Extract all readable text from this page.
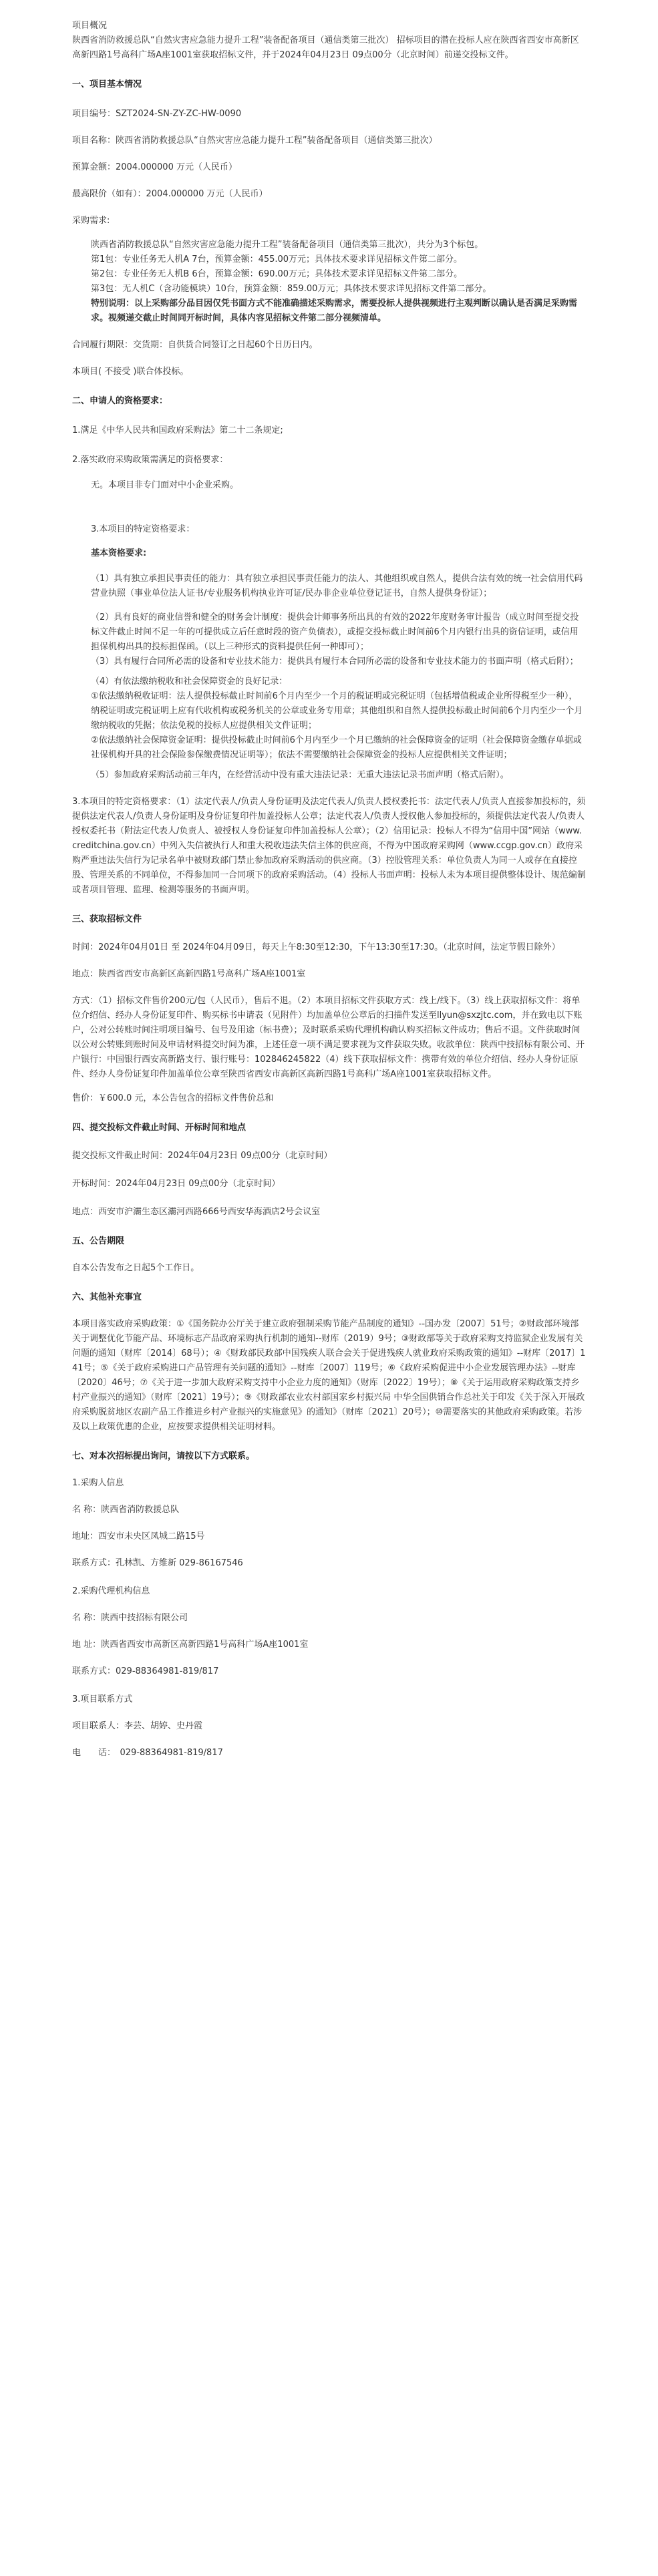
项目概况

陕西省消防救援总队“自然灾害应急能力提升工程”装备配备项目（通信类第三批次） 招标项目的潜在投标人应在陕西省西安市高新区高新四路1号高科广场A座1001室获取招标文件，并于2024年04月23日 09点00分（北京时间）前递交投标文件。

一、项目基本情况

项目编号：SZT2024-SN-ZY-ZC-HW-0090

项目名称：陕西省消防救援总队“自然灾害应急能力提升工程”装备配备项目（通信类第三批次）

预算金额：2004.000000 万元（人民币）

最高限价（如有）：2004.000000 万元（人民币）

采购需求:

陕西省消防救援总队“自然灾害应急能力提升工程”装备配备项目（通信类第三批次），共分为3个标包。

第1包：专业任务无人机A 7台，预算金额：455.00万元；具体技术要求详见招标文件第二部分。

第2包：专业任务无人机B 6台，预算金额：690.00万元；具体技术要求详见招标文件第二部分。

第3包：无人机C（含功能模块）10台，预算金额：859.00万元；具体技术要求详见招标文件第二部分。

特别说明：以上采购部分品目因仅凭书面方式不能准确描述采购需求，需要投标人提供视频进行主观判断以确认是否满足采购需求。视频递交截止时间同开标时间，具体内容见招标文件第二部分视频清单。

合同履行期限：交货期：自供货合同签订之日起60个日历日内。

本项目( 不接受 )联合体投标。

二、申请人的资格要求：

1.满足《中华人民共和国政府采购法》第二十二条规定;

2.落实政府采购政策需满足的资格要求：

无。本项目非专门面对中小企业采购。

3.本项目的特定资格要求：

基本资格要求:

（1）具有独立承担民事责任的能力：具有独立承担民事责任能力的法人、其他组织或自然人，提供合法有效的统一社会信用代码营业执照（事业单位法人证书/专业服务机构执业许可证/民办非企业单位登记证书，自然人提供身份证）；

（2）具有良好的商业信誉和健全的财务会计制度：提供会计师事务所出具的有效的2022年度财务审计报告（成立时间至提交投标文件截止时间不足一年的可提供成立后任意时段的资产负债表），或提交投标截止时间前6个月内银行出具的资信证明，或信用担保机构出具的投标担保函。（以上三种形式的资料提供任何一种即可）；

（3）具有履行合同所必需的设备和专业技术能力：提供具有履行本合同所必需的设备和专业技术能力的书面声明（格式后附）；

（4）有依法缴纳税收和社会保障资金的良好记录：

①依法缴纳税收证明：法人提供投标截止时间前6个月内至少一个月的税证明或完税证明（包括增值税或企业所得税至少一种），纳税证明或完税证明上应有代收机构或税务机关的公章或业务专用章；其他组织和自然人提供投标截止时间前6个月内至少一个月缴纳税收的凭据；依法免税的投标人应提供相关文件证明；

②依法缴纳社会保障资金证明：提供投标截止时间前6个月内至少一个月已缴纳的社会保障资金的证明（社会保障资金缴存单据或社保机构开具的社会保险参保缴费情况证明等）；依法不需要缴纳社会保障资金的投标人应提供相关文件证明；

（5）参加政府采购活动前三年内，在经营活动中没有重大违法记录：无重大违法记录书面声明（格式后附）。

3.本项目的特定资格要求：（1）法定代表人/负责人身份证明及法定代表人/负责人授权委托书：法定代表人/负责人直接参加投标的，须提供法定代表人/负责人身份证明及身份证复印件加盖投标人公章；法定代表人/负责人授权他人参加投标的，须提供法定代表人/负责人授权委托书（附法定代表人/负责人、被授权人身份证复印件加盖投标人公章）；（2）信用记录：投标人不得为“信用中国”网站（www.creditchina.gov.cn）中列入失信被执行人和重大税收违法失信主体的供应商，不得为中国政府采购网（www.ccgp.gov.cn）政府采购严重违法失信行为记录名单中被财政部门禁止参加政府采购活动的供应商。（3）控股管理关系：单位负责人为同一人或存在直接控股、管理关系的不同单位，不得参加同一合同项下的政府采购活动。（4）投标人书面声明：投标人未为本项目提供整体设计、规范编制或者项目管理、监理、检测等服务的书面声明。

三、获取招标文件

时间：2024年04月01日 至 2024年04月09日，每天上午8:30至12:30，下午13:30至17:30。（北京时间，法定节假日除外）

地点：陕西省西安市高新区高新四路1号高科广场A座1001室

方式：（1）招标文件售价200元/包（人民币），售后不退。（2）本项目招标文件获取方式：线上/线下。（3）线上获取招标文件：将单位介绍信、经办人身份证复印件、购买标书申请表（见附件）均加盖单位公章后的扫描件发送至llyun@sxzjtc.com，并在致电以下账户，公对公转账时间注明项目编号、包号及用途（标书费）；及时联系采购代理机构确认购买招标文件成功；售后不退。文件获取时间以公对公转账到账时间及申请材料提交时间为准，上述任意一项不满足要求视为文件获取失败。收款单位：陕西中技招标有限公司、开户银行：中国银行西安高新路支行、银行账号：102846245822（4）线下获取招标文件：携带有效的单位介绍信、经办人身份证原件、经办人身份证复印件加盖单位公章至陕西省西安市高新区高新四路1号高科广场A座1001室获取招标文件。

售价：￥600.0 元，本公告包含的招标文件售价总和

四、提交投标文件截止时间、开标时间和地点

提交投标文件截止时间：2024年04月23日 09点00分（北京时间）

开标时间：2024年04月23日 09点00分（北京时间）

地点：西安市沪灞生态区灞河西路666号西安华海酒店2号会议室

五、公告期限

自本公告发布之日起5个工作日。

六、其他补充事宜

本项目落实政府采购政策：①《国务院办公厅关于建立政府强制采购节能产品制度的通知》--国办发〔2007〕51号；②财政部环境部关于调整优化节能产品、环境标志产品政府采购执行机制的通知--财库（2019）9号；③财政部等关于政府采购支持监狱企业发展有关问题的通知（财库〔2014〕68号）；④《财政部民政部中国残疾人联合会关于促进残疾人就业政府采购政策的通知》--财库〔2017〕141号；⑤《关于政府采购进口产品管理有关问题的通知》--财库〔2007〕119号；⑥《政府采购促进中小企业发展管理办法》--财库〔2020〕46号；⑦《关于进一步加大政府采购支持中小企业力度的通知》（财库〔2022〕19号）；⑧《关于运用政府采购政策支持乡村产业振兴的通知》（财库〔2021〕19号）；⑨《财政部农业农村部国家乡村振兴局 中华全国供销合作总社关于印发《关于深入开展政府采购脱贫地区农副产品工作推进乡村产业振兴的实施意见》的通知》（财库〔2021〕20号）；⑩需要落实的其他政府采购政策。若涉及以上政策优惠的企业，应按要求提供相关证明材料。

七、对本次招标提出询问，请按以下方式联系。

1.采购人信息

名 称：陕西省消防救援总队

地址：西安市未央区凤城二路15号

联系方式：孔林凯、方维新 029-86167546

2.采购代理机构信息

名 称：陕西中技招标有限公司

地 址：陕西省西安市高新区高新四路1号高科广场A座1001室

联系方式：029-88364981-819/817

3.项目联系方式

项目联系人：李芸、胡婷、史丹霞

电　　话：　029-88364981-819/817
